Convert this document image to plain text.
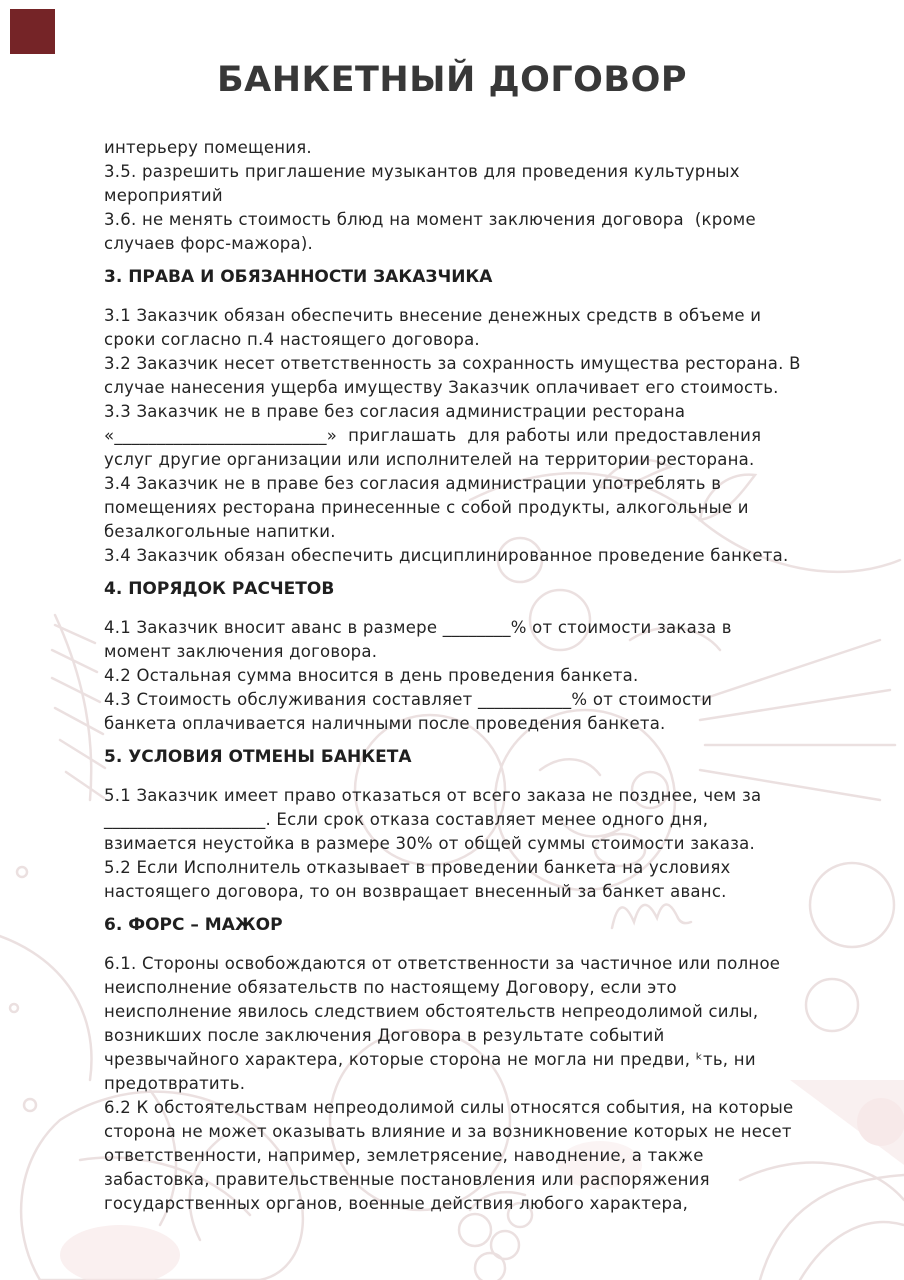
БАНКЕТНЫЙ ДОГОВОР
интерьеру помещения.
3.5. разрешить приглашение музыкантов для проведения культурных
мероприятий
3.6. не менять стоимость блюд на момент заключения договора  (кроме
случаев форс-мажора).
3. ПРАВА И ОБЯЗАННОСТИ ЗАКАЗЧИКА
3.1 Заказчик обязан обеспечить внесение денежных средств в объеме и
сроки согласно п.4 настоящего договора.
3.2 Заказчик несет ответственность за сохранность имущества ресторана. В
случае нанесения ущерба имуществу Заказчик оплачивает его стоимость.
3.3 Заказчик не в праве без согласия администрации ресторана
«_________________________»  приглашать  для работы или предоставления
услуг другие организации или исполнителей на территории ресторана.
3.4 Заказчик не в праве без согласия администрации употреблять в
помещениях ресторана принесенные с собой продукты, алкогольные и
безалкогольные напитки.
3.4 Заказчик обязан обеспечить дисциплинированное проведение банкета.
4. ПОРЯДОК РАСЧЕТОВ
4.1 Заказчик вносит аванс в размере ________% от стоимости заказа в
момент заключения договора.
4.2 Остальная сумма вносится в день проведения банкета.
4.3 Стоимость обслуживания составляет ___________% от стоимости
банкета оплачивается наличными после проведения банкета.
5. УСЛОВИЯ ОТМЕНЫ БАНКЕТА
5.1 Заказчик имеет право отказаться от всего заказа не позднее, чем за
___________________. Если срок отказа составляет менее одного дня,
взимается неустойка в размере 30% от общей суммы стоимости заказа.
5.2 Если Исполнитель отказывает в проведении банкета на условиях
настоящего договора, то он возвращает внесенный за банкет аванс.
6. ФОРС – МАЖОР
6.1. Стороны освобождаются от ответственности за частичное или полное
неисполнение обязательств по настоящему Договору, если это
неисполнение явилось следствием обстоятельств непреодолимой силы,
возникших после заключения Договора в результате событий
чрезвычайного характера, которые сторона не могла ни предви, ᵏть, ни
предотвратить.
6.2 К обстоятельствам непреодолимой силы относятся события, на которые
сторона не может оказывать влияние и за возникновение которых не несет
ответственности, например, землетрясение, наводнение, а также
забастовка, правительственные постановления или распоряжения
государственных органов, военные действия любого характера,
